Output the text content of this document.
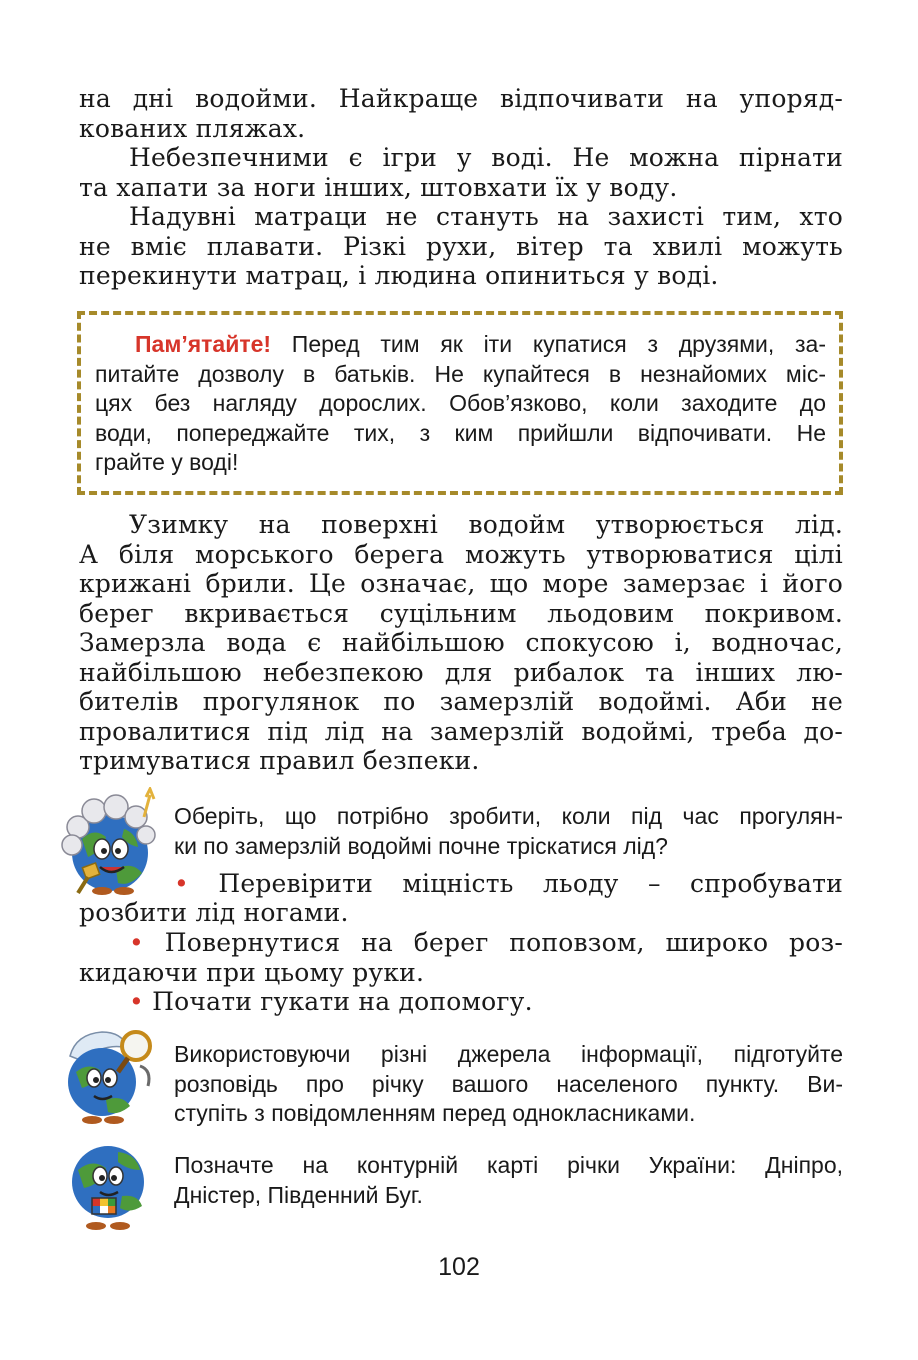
на дні водойми. Найкраще відпочивати на упоряд-
кованих пляжах.
Небезпечними є ігри у воді. Не можна пірнати
та хапати за ноги інших, штовхати їх у воду.
Надувні матраци не стануть на захисті тим, хто
не вміє плавати. Різкі рухи, вітер та хвилі можуть
перекинути матрац, і людина опиниться у воді.
Пам’ятайте! Перед тим як іти купатися з друзями, за-
питайте дозволу в батьків. Не купайтеся в незнайомих міс-
цях без нагляду дорослих. Обов’язково, коли заходите до
води, попереджайте тих, з ким прийшли відпочивати. Не
грайте у воді!
Узимку на поверхні водойм утворюється лід.
А біля морського берега можуть утворюватися цілі
крижані брили. Це означає, що море замерзає і його
берег вкривається суцільним льодовим покривом.
Замерзла вода є найбільшою спокусою і, водночас,
найбільшою небезпекою для рибалок та інших лю-
бителів прогулянок по замерзлій водоймі. Аби не
провалитися під лід на замерзлій водоймі, треба до-
тримуватися правил безпеки.
Оберіть, що потрібно зробити, коли під час прогулян-
ки по замерзлій водоймі почне тріскатися лід?
• Перевірити міцність льоду – спробувати
розбити лід ногами.
• Повернутися на берег поповзом, широко роз-
кидаючи при цьому руки.
• Почати гукати на допомогу.
Використовуючи різні джерела інформації, підготуйте
розповідь про річку вашого населеного пункту. Ви-
ступіть з повідомленням перед однокласниками.
Позначте на контурній карті річки України: Дніпро,
Дністер, Південний Буг.
102
